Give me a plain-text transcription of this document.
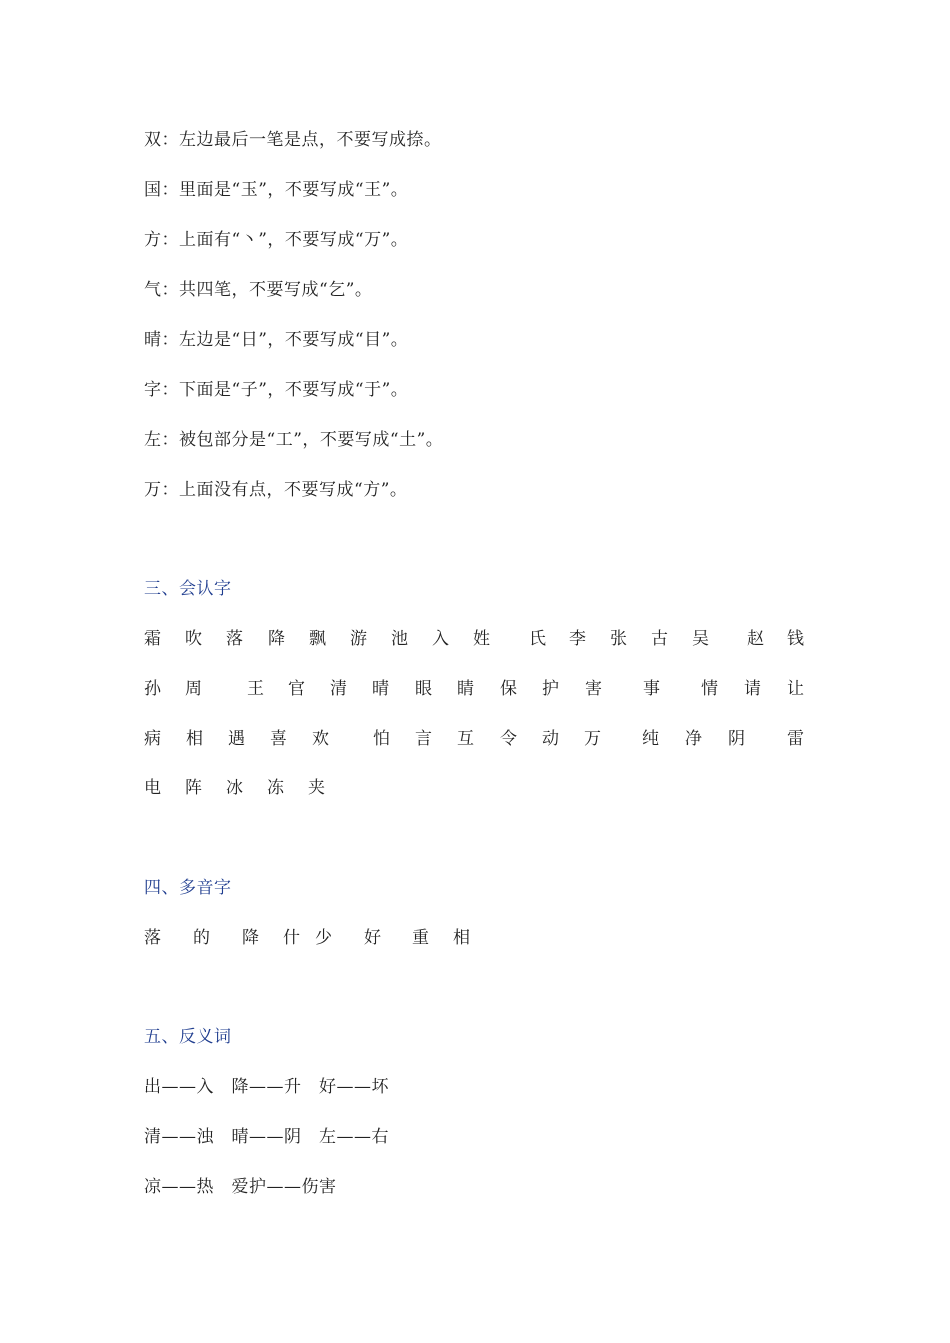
双：左边最后一笔是点，不要写成捺。
国：里面是“玉”，不要写成“王”。
方：上面有“丶”，不要写成“万”。
气：共四笔，不要写成“乞”。
晴：左边是“日”，不要写成“目”。
字：下面是“子”，不要写成“于”。
左：被包部分是“工”，不要写成“土”。
万：上面没有点，不要写成“方”。
三、会认字
霜 吹 落 降 飘 游 池 入 姓 氏 李 张 古 吴 赵 钱
孙 周	王 官 清 晴 眼 睛 保 护 害 事 情 请 让
病 相 遇 喜 欢	怕 言 互 令 动 万 纯 净 阴 雷
电 阵 冰 冻 夹
四、多音字
落 的 降 什 少 好 重 相
五、反义词
出——入　降——升　好——坏
清——浊　晴——阴　左——右
凉——热　爱护——伤害
